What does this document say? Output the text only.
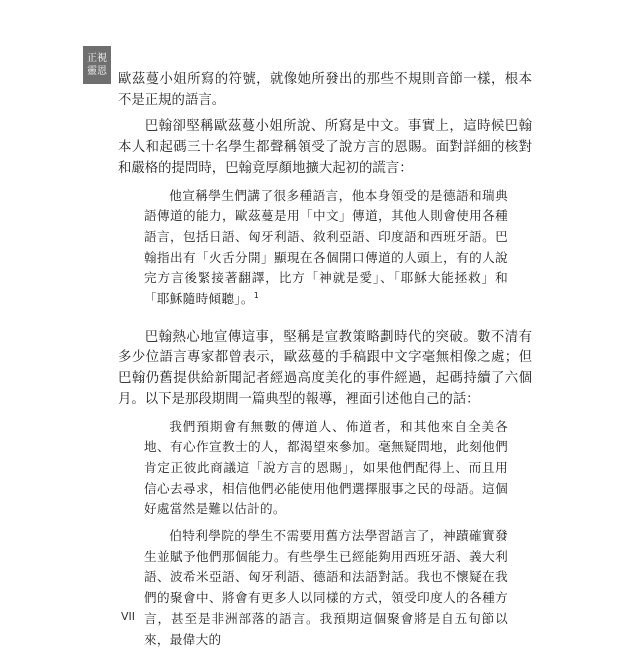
正視
靈恩

歐茲蔓小姐所寫的符號，就像她所發出的那些不規則音節一樣，根本不是正規的語言。

巴翰卻堅稱歐茲蔓小姐所說、所寫是中文。事實上，這時候巴翰本人和起碼三十名學生都聲稱領受了說方言的恩賜。面對詳細的核對和嚴格的提問時，巴翰竟厚顏地擴大起初的謊言：

他宣稱學生們講了很多種語言，他本身領受的是德語和瑞典語傳道的能力，歐茲蔓是用「中文」傳道，其他人則會使用各種語言，包括日語、匈牙利語、敘利亞語、印度語和西班牙語。巴翰指出有「火舌分開」顯現在各個開口傳道的人頭上，有的人說完方言後緊接著翻譯，比方「神就是愛」、「耶穌大能拯救」和「耶穌隨時傾聽」。$^1$

巴翰熱心地宣傳這事，堅稱是宣教策略劃時代的突破。數不清有多少位語言專家都曾表示，歐茲蔓的手稿跟中文字毫無相像之處；但巴翰仍舊提供給新聞記者經過高度美化的事件經過，起碼持續了六個月。以下是那段期間一篇典型的報導，裡面引述他自己的話：

我們預期會有無數的傳道人、佈道者，和其他來自全美各地、有心作宣教士的人，都渴望來參加。毫無疑問地，此刻他們肯定正彼此商議這「說方言的恩賜」，如果他們配得上、而且用信心去尋求，相信他們必能使用他們選擇服事之民的母語。這個好處當然是難以估計的。

伯特利學院的學生不需要用舊方法學習語言了，神蹟確實發生並賦予他們那個能力。有些學生已經能夠用西班牙語、義大利語、波希米亞語、匈牙利語、德語和法語對話。我也不懷疑在我們的聚會中、將會有更多人以同樣的方式，領受印度人的各種方言，甚至是非洲部落的語言。我預期這個聚會將是自五旬節以來，最偉大的

VII
